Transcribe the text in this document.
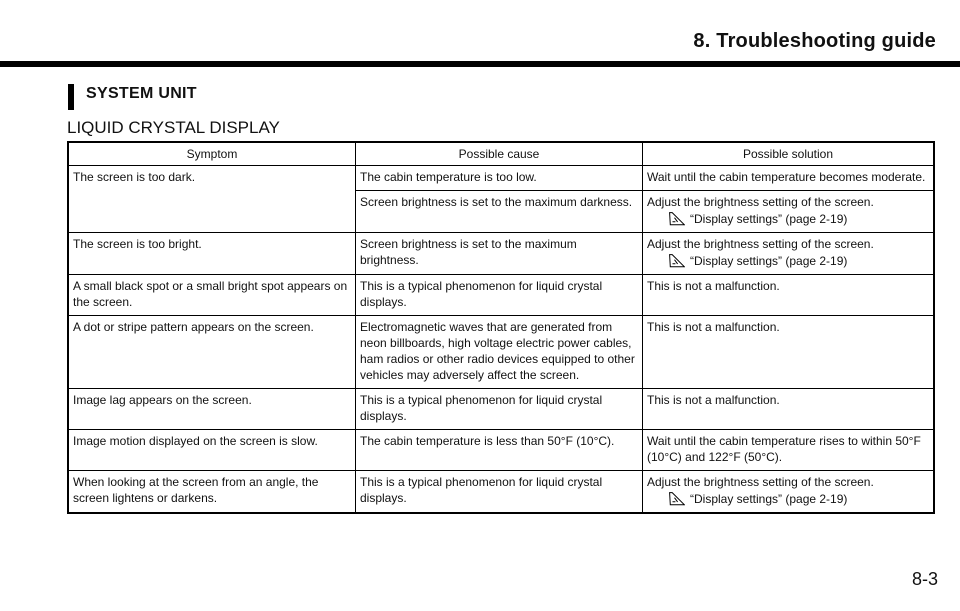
8. Troubleshooting guide
SYSTEM UNIT
LIQUID CRYSTAL DISPLAY
Symptom	Possible cause	Possible solution
The screen is too dark.	The cabin temperature is too low.	Wait until the cabin temperature becomes moderate.
	Screen brightness is set to the maximum darkness.	Adjust the brightness setting of the screen.
“Display settings” (page 2-19)

The screen is too bright.	Screen brightness is set to the maximum brightness.	Adjust the brightness setting of the screen.
“Display settings” (page 2-19)

A small black spot or a small bright spot appears on the screen.	This is a typical phenomenon for liquid crystal displays.	This is not a malfunction.
A dot or stripe pattern appears on the screen.	Electromagnetic waves that are generated from neon billboards, high voltage electric power cables, ham radios or other radio devices equipped to other vehicles may adversely affect the screen.	This is not a malfunction.
Image lag appears on the screen.	This is a typical phenomenon for liquid crystal displays.	This is not a malfunction.
Image motion displayed on the screen is slow.	The cabin temperature is less than 50°F (10°C).	Wait until the cabin temperature rises to within 50°F (10°C) and 122°F (50°C).
When looking at the screen from an angle, the screen lightens or darkens.	This is a typical phenomenon for liquid crystal displays.	Adjust the brightness setting of the screen.
“Display settings” (page 2-19)
8-3
